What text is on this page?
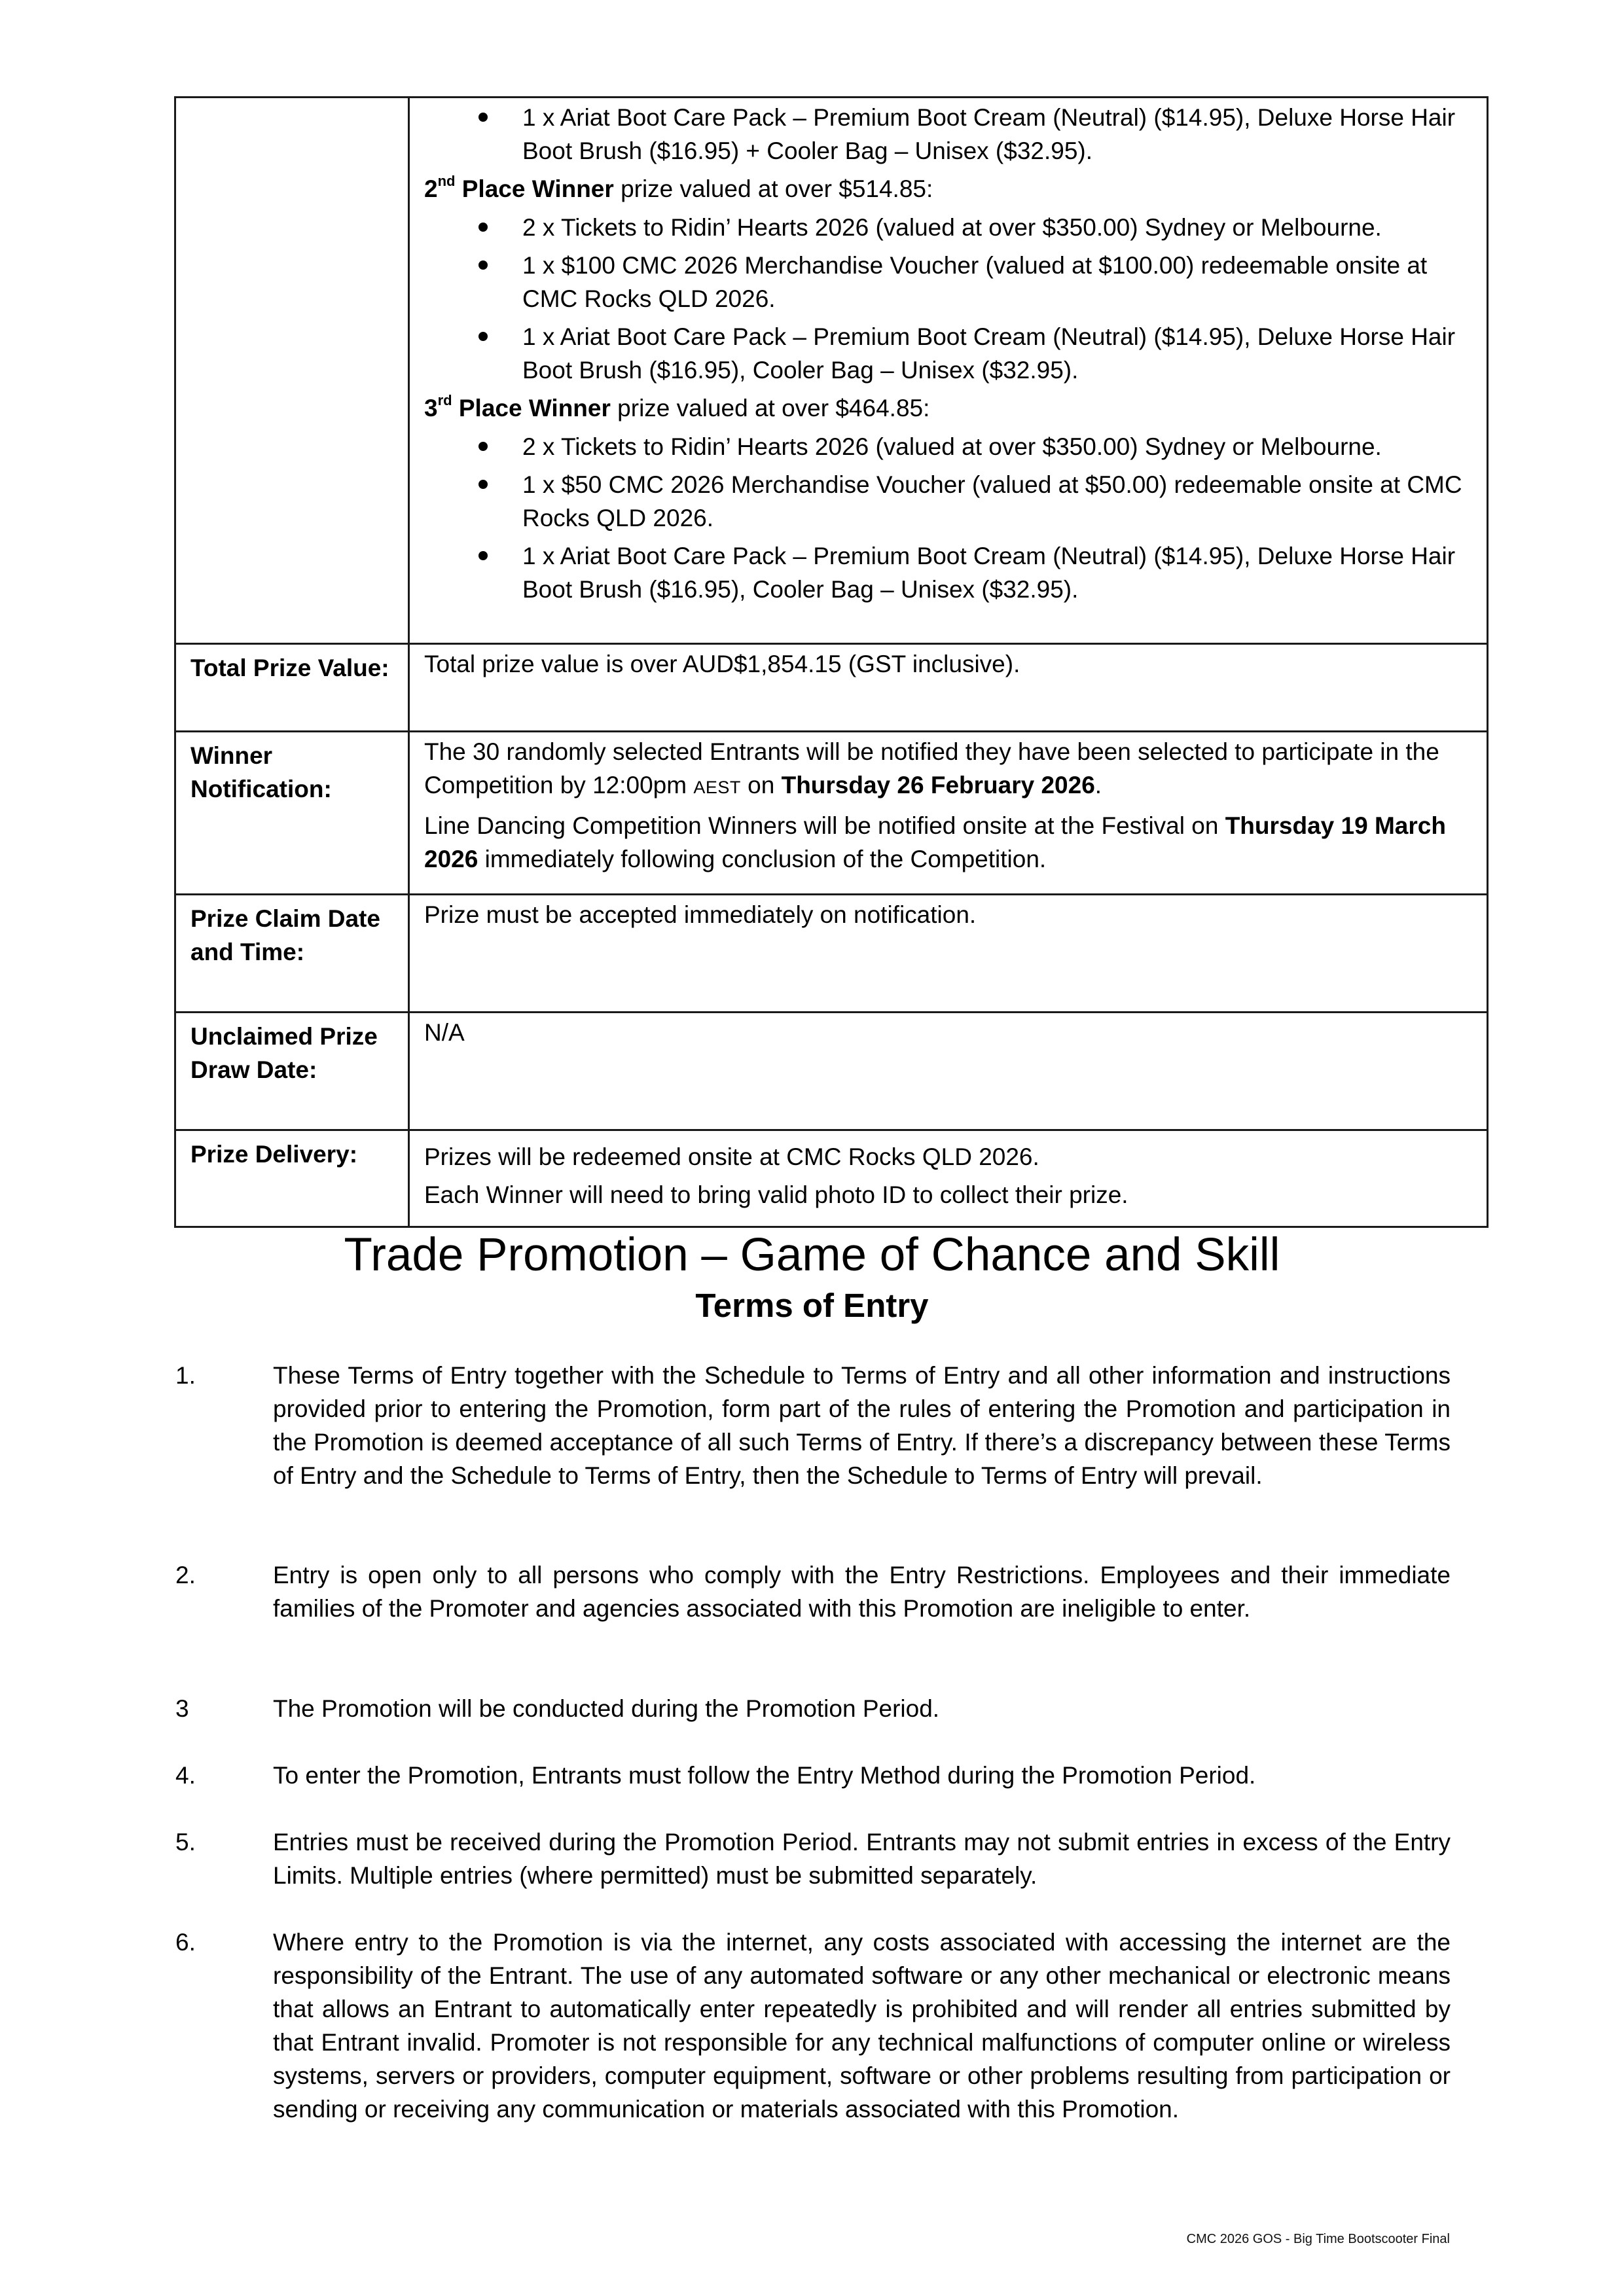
1 x Ariat Boot Care Pack – Premium Boot Cream (Neutral) ($14.95), Deluxe Horse Hair Boot Brush ($16.95) + Cooler Bag – Unisex ($32.95).

2nd Place Winner prize valued at over $514.85:

2 x Tickets to Ridin’ Hearts 2026 (valued at over $350.00) Sydney or Melbourne.
1 x $100 CMC 2026 Merchandise Voucher (valued at $100.00) redeemable onsite at CMC Rocks QLD 2026.
1 x Ariat Boot Care Pack – Premium Boot Cream (Neutral) ($14.95), Deluxe Horse Hair Boot Brush ($16.95), Cooler Bag – Unisex ($32.95).

3rd Place Winner prize valued at over $464.85:

2 x Tickets to Ridin’ Hearts 2026 (valued at over $350.00) Sydney or Melbourne.
1 x $50 CMC 2026 Merchandise Voucher (valued at $50.00) redeemable onsite at CMC Rocks QLD 2026.
1 x Ariat Boot Care Pack – Premium Boot Cream (Neutral) ($14.95), Deluxe Horse Hair Boot Brush ($16.95), Cooler Bag – Unisex ($32.95).

Total Prize Value:	Total prize value is over AUD$1,854.15 (GST inclusive).

Winner Notification:	The 30 randomly selected Entrants will be notified they have been selected to participate in the Competition by 12:00pm AEST on Thursday 26 February 2026.

Line Dancing Competition Winners will be notified onsite at the Festival on Thursday 19 March 2026 immediately following conclusion of the Competition.

Prize Claim Date and Time:	Prize must be accepted immediately on notification.

Unclaimed Prize Draw Date:	N/A

Prize Delivery:	Prizes will be redeemed onsite at CMC Rocks QLD 2026.

Each Winner will need to bring valid photo ID to collect their prize.

Trade Promotion – Game of Chance and Skill
Terms of Entry

1.	These Terms of Entry together with the Schedule to Terms of Entry and all other information and instructions provided prior to entering the Promotion, form part of the rules of entering the Promotion and participation in the Promotion is deemed acceptance of all such Terms of Entry. If there’s a discrepancy between these Terms of Entry and the Schedule to Terms of Entry, then the Schedule to Terms of Entry will prevail.

2.	Entry is open only to all persons who comply with the Entry Restrictions. Employees and their immediate families of the Promoter and agencies associated with this Promotion are ineligible to enter.

3	The Promotion will be conducted during the Promotion Period.

4.	To enter the Promotion, Entrants must follow the Entry Method during the Promotion Period.

5.	Entries must be received during the Promotion Period. Entrants may not submit entries in excess of the Entry Limits. Multiple entries (where permitted) must be submitted separately.

6.	Where entry to the Promotion is via the internet, any costs associated with accessing the internet are the responsibility of the Entrant. The use of any automated software or any other mechanical or electronic means that allows an Entrant to automatically enter repeatedly is prohibited and will render all entries submitted by that Entrant invalid. Promoter is not responsible for any technical malfunctions of computer online or wireless systems, servers or providers, computer equipment, software or other problems resulting from participation or sending or receiving any communication or materials associated with this Promotion.

CMC 2026 GOS - Big Time Bootscooter Final
